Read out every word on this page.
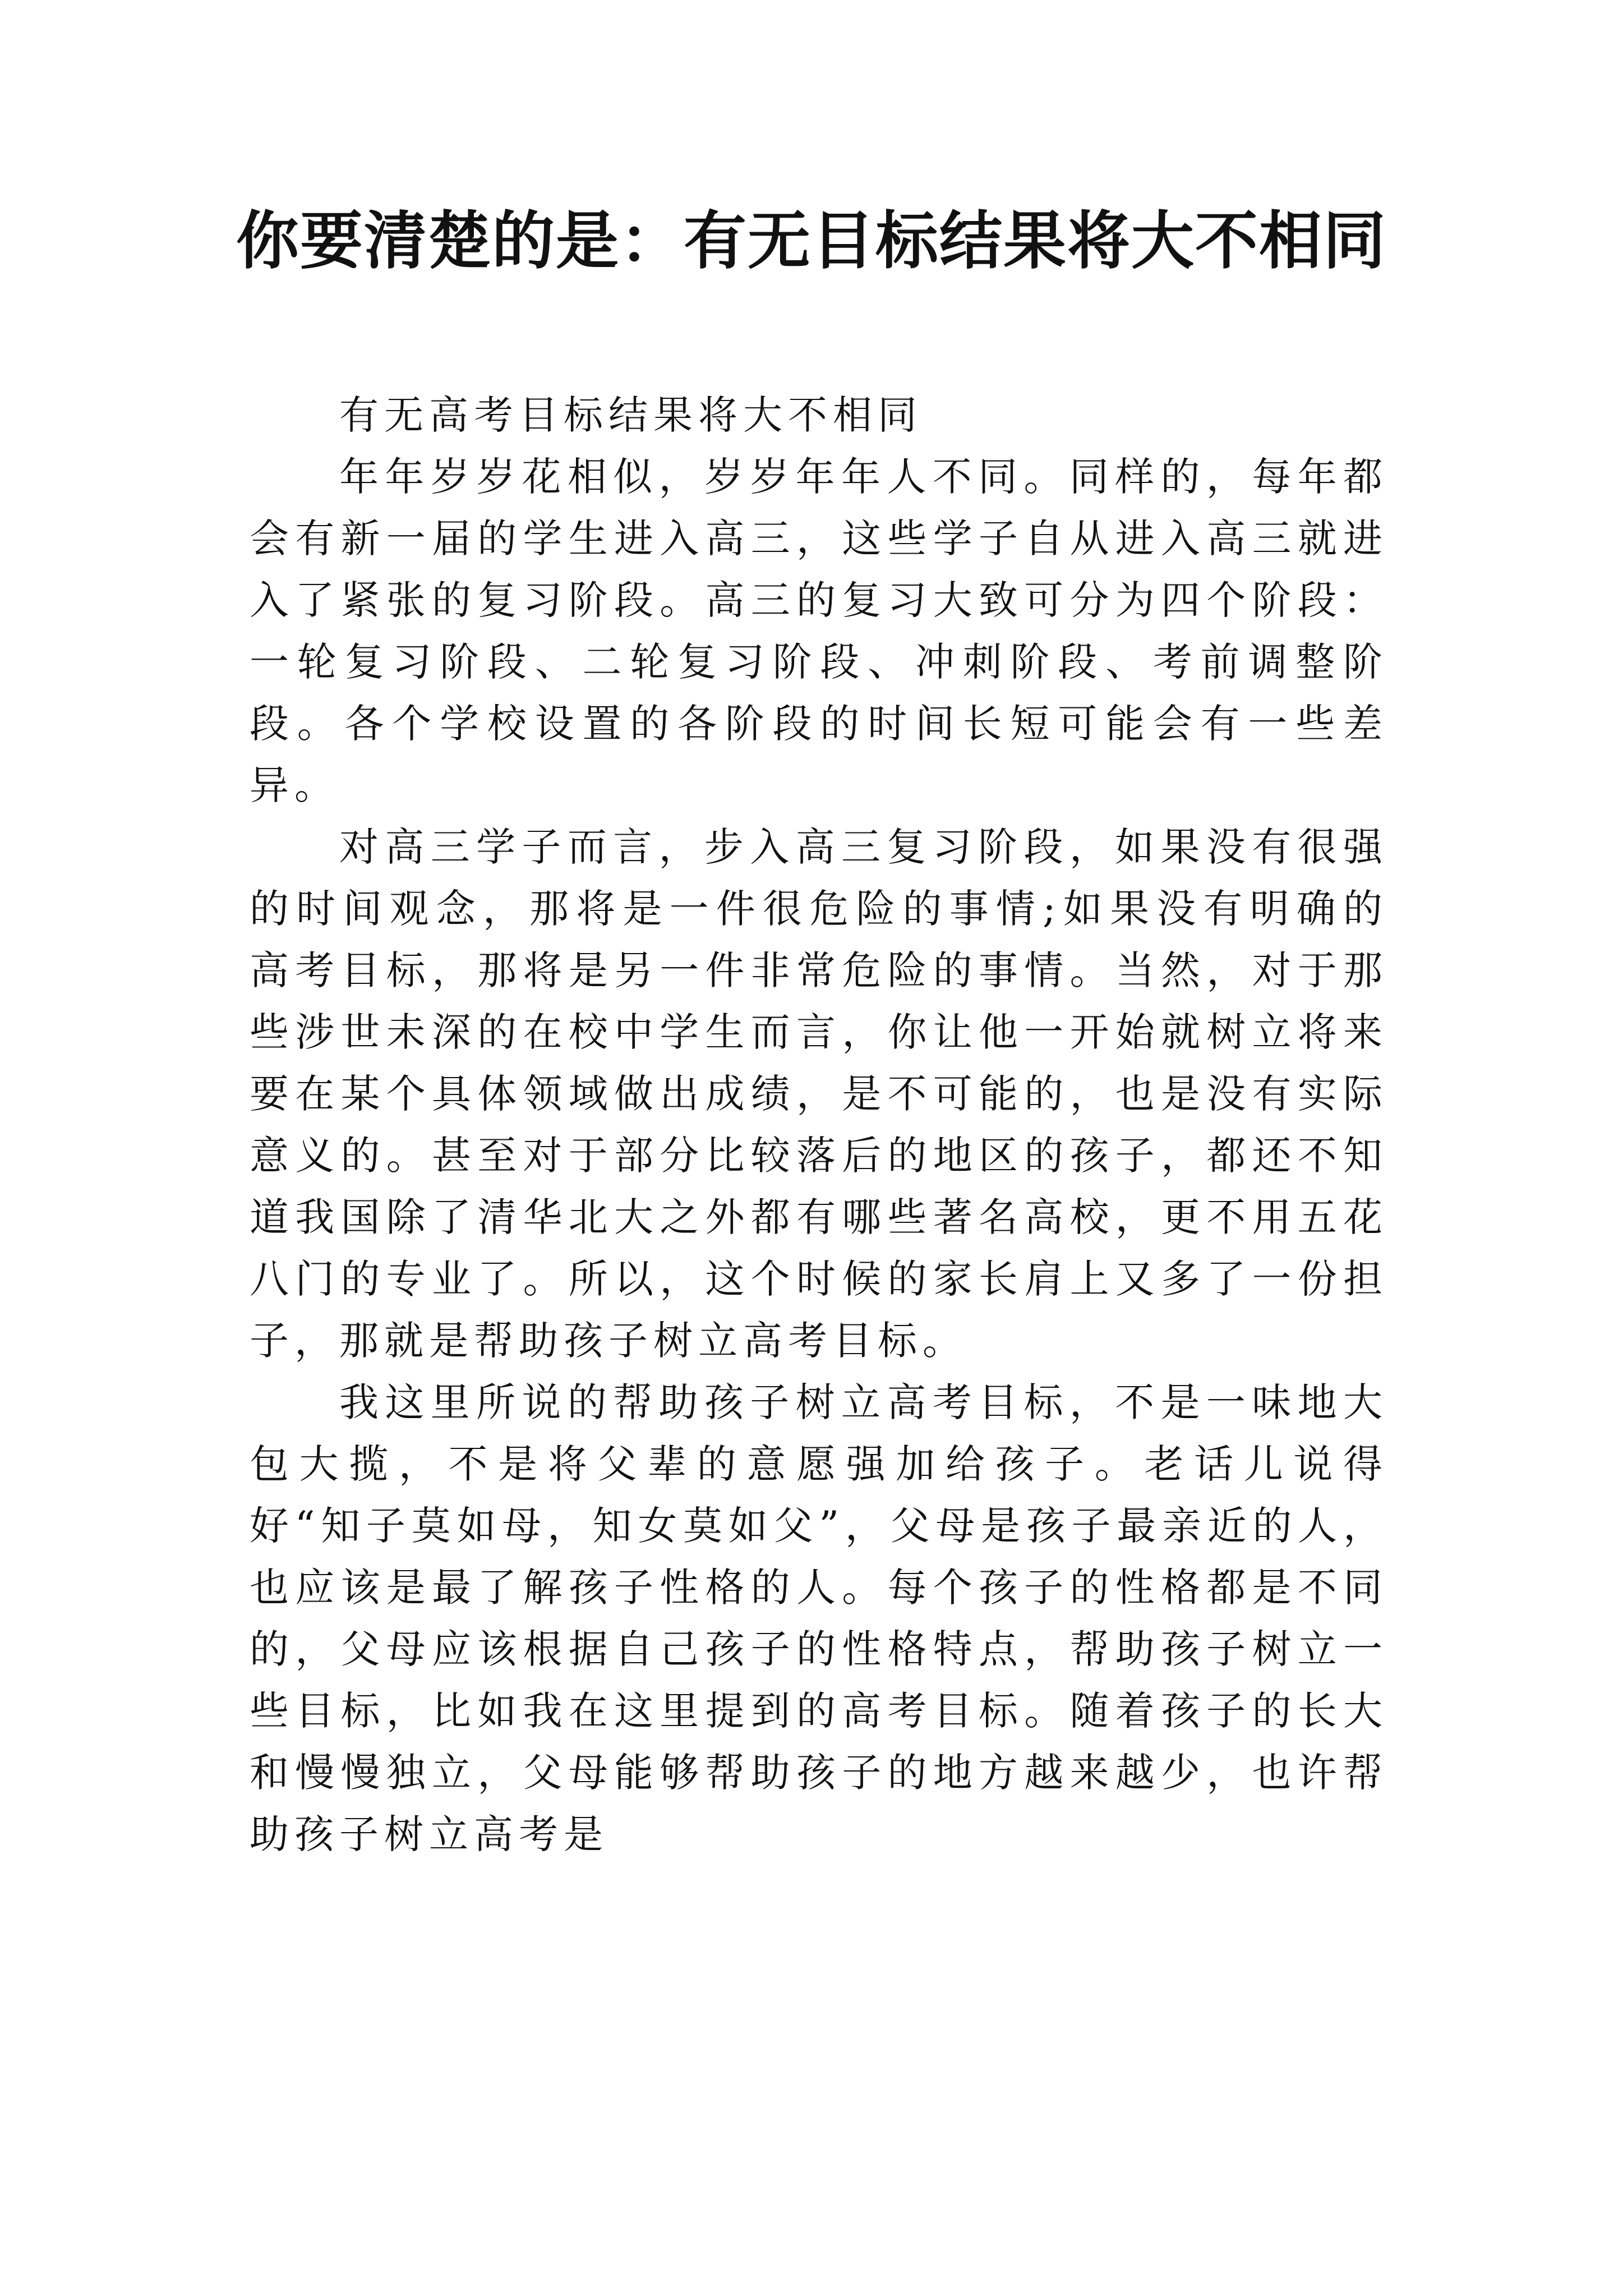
你要清楚的是：有无目标结果将大不相同

有无高考目标结果将大不相同

年年岁岁花相似，岁岁年年人不同。同样的，每年都会有新一届的学生进入高三，这些学子自从进入高三就进入了紧张的复习阶段。高三的复习大致可分为四个阶段：一轮复习阶段、二轮复习阶段、冲刺阶段、考前调整阶段。各个学校设置的各阶段的时间长短可能会有一些差异。

对高三学子而言，步入高三复习阶段，如果没有很强的时间观念，那将是一件很危险的事情;如果没有明确的高考目标，那将是另一件非常危险的事情。当然，对于那些涉世未深的在校中学生而言，你让他一开始就树立将来要在某个具体领域做出成绩，是不可能的，也是没有实际意义的。甚至对于部分比较落后的地区的孩子，都还不知道我国除了清华北大之外都有哪些著名高校，更不用五花八门的专业了。所以，这个时候的家长肩上又多了一份担子，那就是帮助孩子树立高考目标。

我这里所说的帮助孩子树立高考目标，不是一味地大包大揽，不是将父辈的意愿强加给孩子。老话儿说得好“知子莫如母，知女莫如父”，父母是孩子最亲近的人，也应该是最了解孩子性格的人。每个孩子的性格都是不同的，父母应该根据自己孩子的性格特点，帮助孩子树立一些目标，比如我在这里提到的高考目标。随着孩子的长大和慢慢独立，父母能够帮助孩子的地方越来越少，也许帮助孩子树立高考是
